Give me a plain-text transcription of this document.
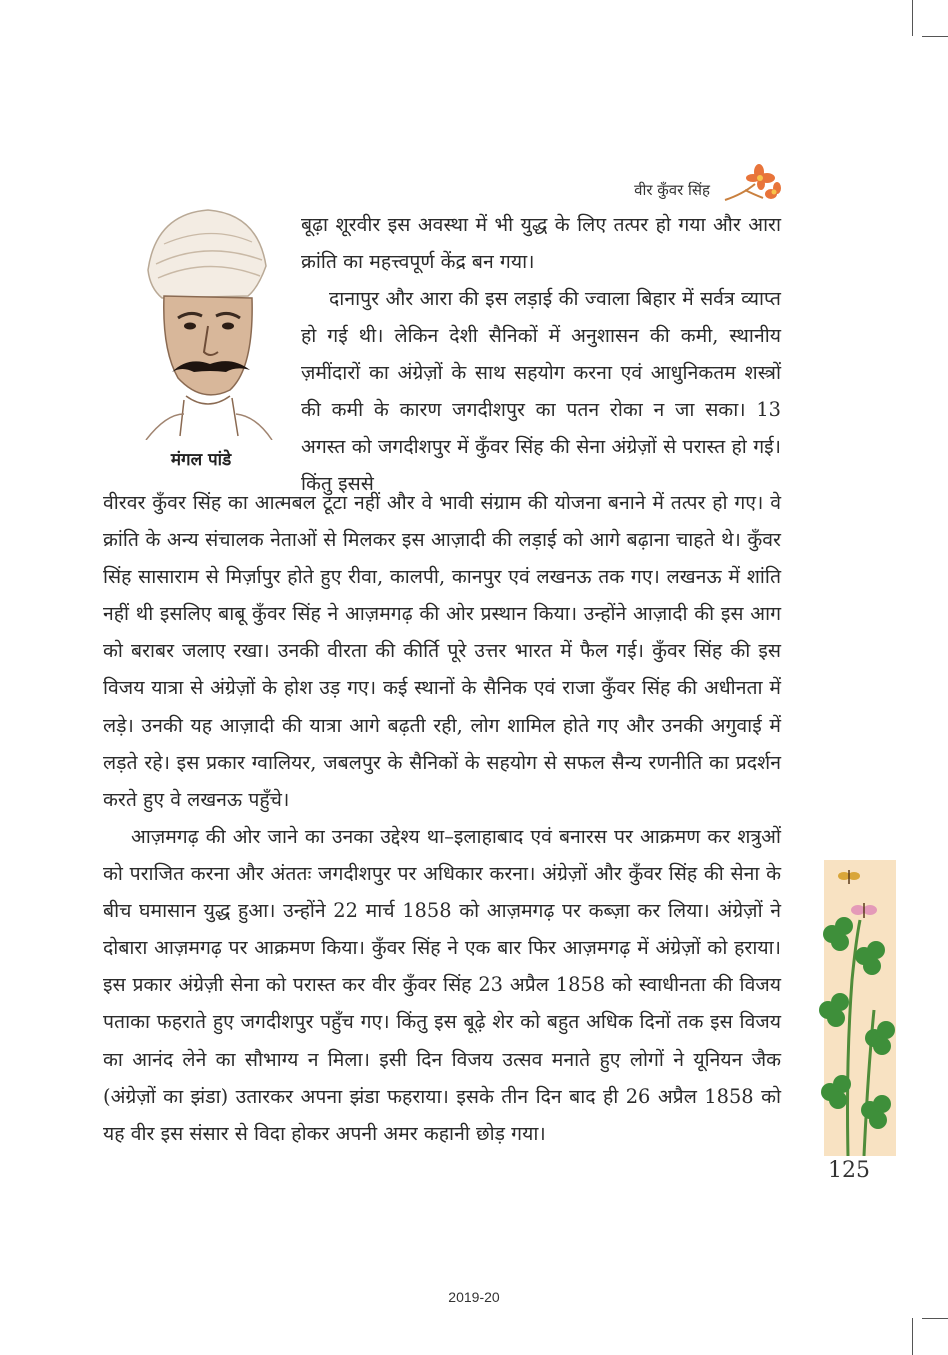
वीर कुँवर सिंह
मंगल पांडे

बूढ़ा शूरवीर इस अवस्था में भी युद्ध के लिए तत्पर हो गया और आरा क्रांति का महत्त्वपूर्ण केंद्र बन गया।

दानापुर और आरा की इस लड़ाई की ज्वाला बिहार में सर्वत्र व्याप्त हो गई थी। लेकिन देशी सैनिकों में अनुशासन की कमी, स्थानीय ज़मींदारों का अंग्रेज़ों के साथ सहयोग करना एवं आधुनिकतम शस्त्रों की कमी के कारण जगदीशपुर का पतन रोका न जा सका। 13 अगस्त को जगदीशपुर में कुँवर सिंह की सेना अंग्रेज़ों से परास्त हो गई। किंतु इससे

वीरवर कुँवर सिंह का आत्मबल टूटा नहीं और वे भावी संग्राम की योजना बनाने में तत्पर हो गए। वे क्रांति के अन्य संचालक नेताओं से मिलकर इस आज़ादी की लड़ाई को आगे बढ़ाना चाहते थे। कुँवर सिंह सासाराम से मिर्ज़ापुर होते हुए रीवा, कालपी, कानपुर एवं लखनऊ तक गए। लखनऊ में शांति नहीं थी इसलिए बाबू कुँवर सिंह ने आज़मगढ़ की ओर प्रस्थान किया। उन्होंने आज़ादी की इस आग को बराबर जलाए रखा। उनकी वीरता की कीर्ति पूरे उत्तर भारत में फैल गई। कुँवर सिंह की इस विजय यात्रा से अंग्रेज़ों के होश उड़ गए। कई स्थानों के सैनिक एवं राजा कुँवर सिंह की अधीनता में लड़े। उनकी यह आज़ादी की यात्रा आगे बढ़ती रही, लोग शामिल होते गए और उनकी अगुवाई में लड़ते रहे। इस प्रकार ग्वालियर, जबलपुर के सैनिकों के सहयोग से सफल सैन्य रणनीति का प्रदर्शन करते हुए वे लखनऊ पहुँचे।

आज़मगढ़ की ओर जाने का उनका उद्देश्य था–इलाहाबाद एवं बनारस पर आक्रमण कर शत्रुओं को पराजित करना और अंततः जगदीशपुर पर अधिकार करना। अंग्रेज़ों और कुँवर सिंह की सेना के बीच घमासान युद्ध हुआ। उन्होंने 22 मार्च 1858 को आज़मगढ़ पर कब्ज़ा कर लिया। अंग्रेज़ों ने दोबारा आज़मगढ़ पर आक्रमण किया। कुँवर सिंह ने एक बार फिर आज़मगढ़ में अंग्रेज़ों को हराया। इस प्रकार अंग्रेज़ी सेना को परास्त कर वीर कुँवर सिंह 23 अप्रैल 1858 को स्वाधीनता की विजय पताका फहराते हुए जगदीशपुर पहुँच गए। किंतु इस बूढ़े शेर को बहुत अधिक दिनों तक इस विजय का आनंद लेने का सौभाग्य न मिला। इसी दिन विजय उत्सव मनाते हुए लोगों ने यूनियन जैक (अंग्रेज़ों का झंडा) उतारकर अपना झंडा फहराया। इसके तीन दिन बाद ही 26 अप्रैल 1858 को यह वीर इस संसार से विदा होकर अपनी अमर कहानी छोड़ गया।

125
2019-20
